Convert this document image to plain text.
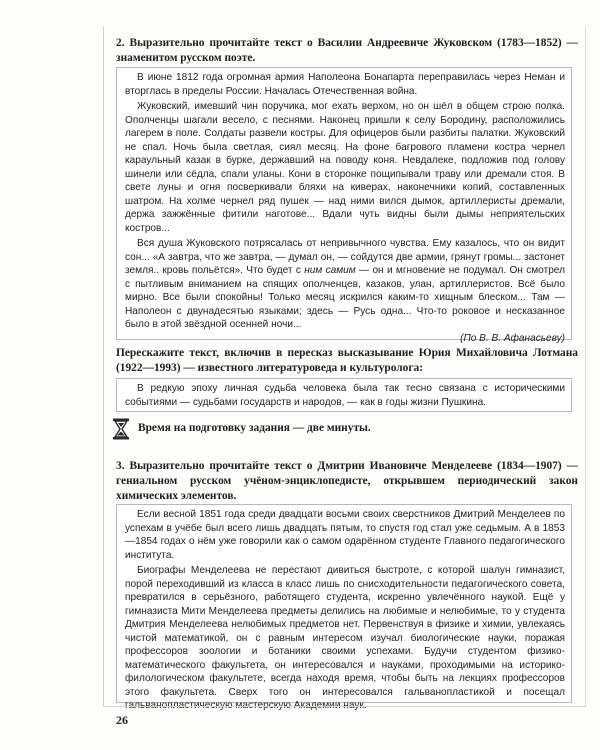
2. Выразительно прочитайте текст о Василии Андреевиче Жуковском (1783—1852) — знаменитом русском поэте.

В июне 1812 года огромная армия Наполеона Бонапарта переправилась через Неман и вторглась в пределы России. Началась Отечественная война.

Жуковский, имевший чин поручика, мог ехать верхом, но он шёл в общем строю полка. Ополченцы шагали весело, с песнями. Наконец пришли к селу Бородину, расположились лагерем в поле. Солдаты развели костры. Для офицеров были разбиты палатки. Жуковский не спал. Ночь была светлая, сиял месяц. На фоне багрового пламени костра чернел караульный казак в бурке, державший на поводу коня. Невдалеке, подложив под голову шинели или сёдла, спали уланы. Кони в сторонке пощипывали траву или дремали стоя. В свете луны и огня посверкивали бляхи на киверах, наконечники копий, составленных шатром. На холме чернел ряд пушек — над ними вился дымок, артиллеристы дремали, держа зажжённые фитили наготове... Вдали чуть видны были дымы неприятельских костров...

Вся душа Жуковского потрясалась от непривычного чувства. Ему казалось, что он видит сон... «А завтра, что же завтра, — думал он, — сойдутся две армии, грянут громы... застонет земля.. кровь польётся». Что будет с ним самим — он и мгновение не подумал. Он смотрел с пытливым вниманием на спящих ополченцев, казаков, улан, артиллеристов. Всё было мирно. Все были спокойны! Только месяц искрился каким-то хищным блеском... Там — Наполеон с двунадесятью языками; здесь — Русь одна... Что-то роковое и несказанное было в этой звёздной осенней ночи...

(По В. В. Афанасьеву)

Перескажите текст, включив в пересказ высказывание Юрия Михайловича Лотмана (1922—1993) — известного литературоведа и культуролога:

В редкую эпоху личная судьба человека была так тесно связана с историческими событиями — судьбами государств и народов, — как в годы жизни Пушкина.

Время на подготовку задания — две минуты.
3. Выразительно прочитайте текст о Дмитрии Ивановиче Менделееве (1834—1907) — гениальном русском учёном-энциклопедисте, открывшем периодический закон химических элементов.

Если весной 1851 года среди двадцати восьми своих сверстников Дмитрий Менделеев по успехам в учёбе был всего лишь двадцать пятым, то спустя год стал уже седьмым. А в 1853—1854 годах о нём уже говорили как о самом одарённом студенте Главного педагогического института.

Биографы Менделеева не перестают дивиться быстроте, с которой шалун гимназист, порой переходивший из класса в класс лишь по снисходительности педагогического совета, превратился в серьёзного, работящего студента, искренно увлечённого наукой. Ещё у гимназиста Мити Менделеева предметы делились на любимые и нелюбимые, то у студента Дмитрия Менделеева нелюбимых предметов нет. Первенствуя в физике и химии, увлекаясь чистой математикой, он с равным интересом изучал биологические науки, поражая профессоров зоологии и ботаники своими успехами. Будучи студентом физико-математического факультета, он интересовался и науками, проходимыми на историко-филологическом факультете, всегда находя время, чтобы быть на лекциях профессоров этого факультета. Сверх того он интересовался гальванопластикой и посещал

26
